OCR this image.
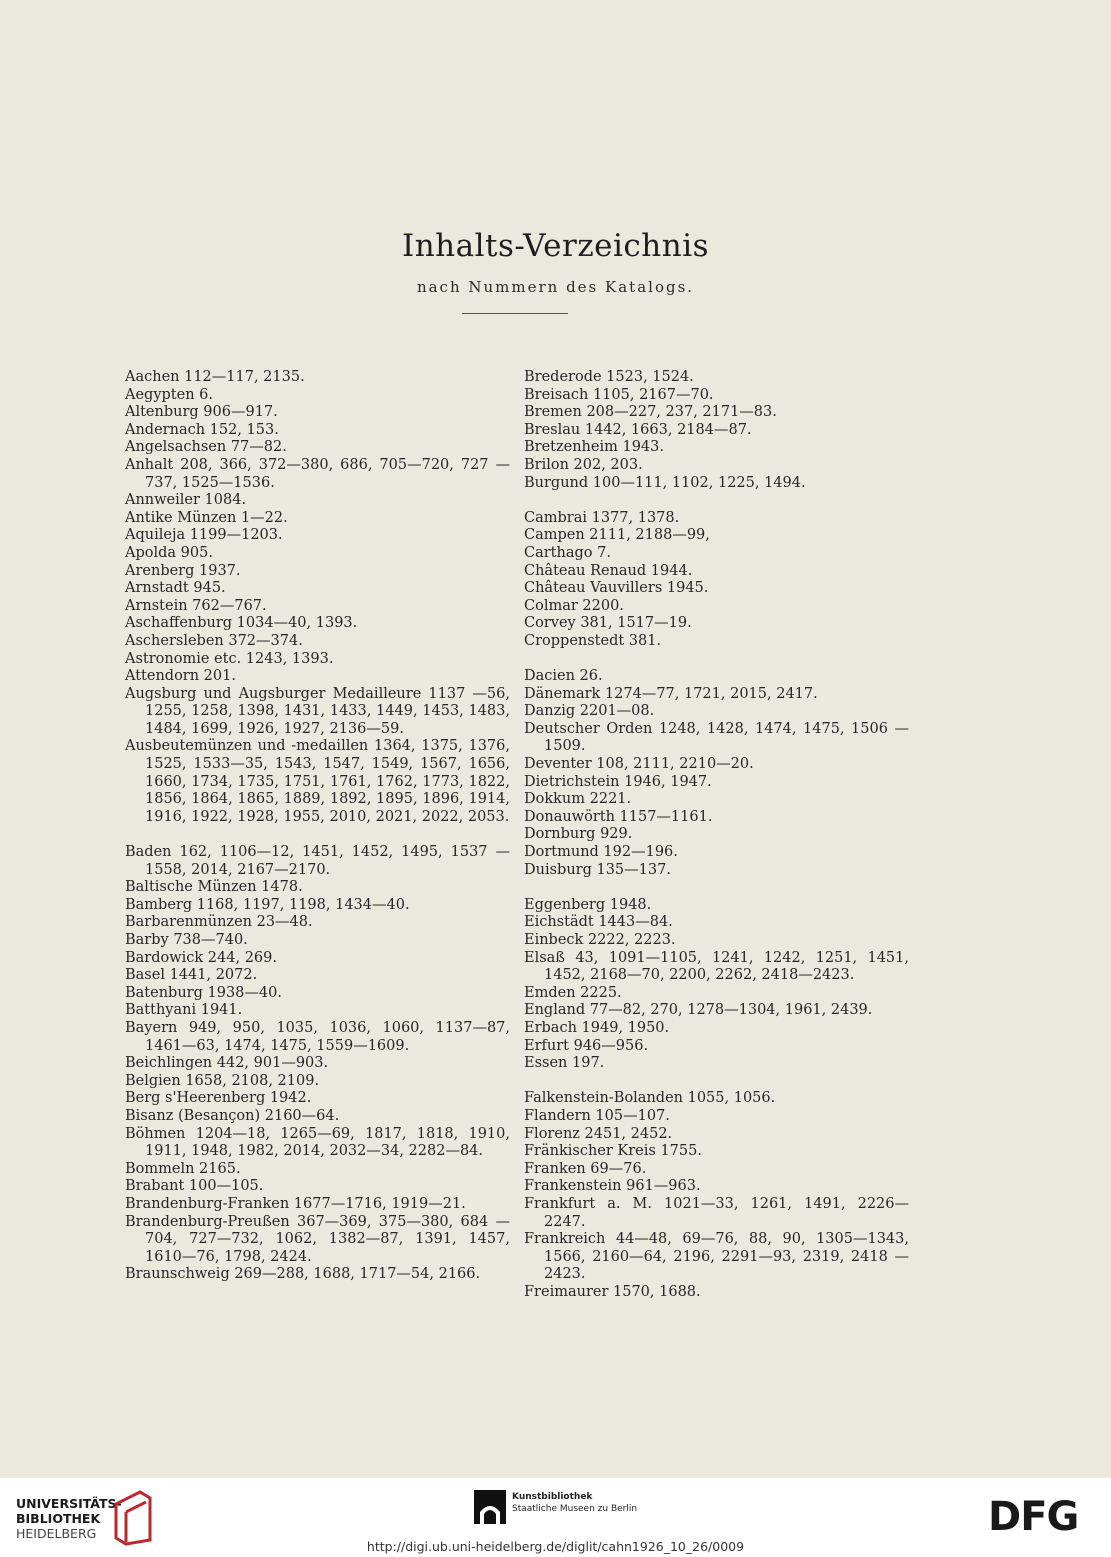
Inhalts-Verzeichnis
nach Nummern des Katalogs.
Aachen 112—117, 2135.
Aegypten 6.
Altenburg 906—917.
Andernach 152, 153.
Angelsachsen 77—82.
Anhalt 208, 366, 372—380, 686, 705—720, 727 —737, 1525—1536.
Annweiler 1084.
Antike Münzen 1—22.
Aquileja 1199—1203.
Apolda 905.
Arenberg 1937.
Arnstadt 945.
Arnstein 762—767.
Aschaffenburg 1034—40, 1393.
Aschersleben 372—374.
Astronomie etc. 1243, 1393.
Attendorn 201.
Augsburg und Augsburger Medailleure 1137 —56, 1255, 1258, 1398, 1431, 1433, 1449, 1453, 1483, 1484, 1699, 1926, 1927, 2136—59.
Ausbeutemünzen und -medaillen 1364, 1375, 1376, 1525, 1533—35, 1543, 1547, 1549, 1567, 1656, 1660, 1734, 1735, 1751, 1761, 1762, 1773, 1822, 1856, 1864, 1865, 1889, 1892, 1895, 1896, 1914, 1916, 1922, 1928, 1955, 2010, 2021, 2022, 2053.
Baden 162, 1106—12, 1451, 1452, 1495, 1537 —1558, 2014, 2167—2170.
Baltische Münzen 1478.
Bamberg 1168, 1197, 1198, 1434—40.
Barbarenmünzen 23—48.
Barby 738—740.
Bardowick 244, 269.
Basel 1441, 2072.
Batenburg 1938—40.
Batthyani 1941.
Bayern 949, 950, 1035, 1036, 1060, 1137—87, 1461—63, 1474, 1475, 1559—1609.
Beichlingen 442, 901—903.
Belgien 1658, 2108, 2109.
Berg s'Heerenberg 1942.
Bisanz (Besançon) 2160—64.
Böhmen 1204—18, 1265—69, 1817, 1818, 1910, 1911, 1948, 1982, 2014, 2032—34, 2282—84.
Bommeln 2165.
Brabant 100—105.
Brandenburg-Franken 1677—1716, 1919—21.
Brandenburg-Preußen 367—369, 375—380, 684 —704, 727—732, 1062, 1382—87, 1391, 1457, 1610—76, 1798, 2424.
Braunschweig 269—288, 1688, 1717—54, 2166.
Brederode 1523, 1524.
Breisach 1105, 2167—70.
Bremen 208—227, 237, 2171—83.
Breslau 1442, 1663, 2184—87.
Bretzenheim 1943.
Brilon 202, 203.
Burgund 100—111, 1102, 1225, 1494.
Cambrai 1377, 1378.
Campen 2111, 2188—99,
Carthago 7.
Château Renaud 1944.
Château Vauvillers 1945.
Colmar 2200.
Corvey 381, 1517—19.
Croppenstedt 381.
Dacien 26.
Dänemark 1274—77, 1721, 2015, 2417.
Danzig 2201—08.
Deutscher Orden 1248, 1428, 1474, 1475, 1506 —1509.
Deventer 108, 2111, 2210—20.
Dietrichstein 1946, 1947.
Dokkum 2221.
Donauwörth 1157—1161.
Dornburg 929.
Dortmund 192—196.
Duisburg 135—137.
Eggenberg 1948.
Eichstädt 1443—84.
Einbeck 2222, 2223.
Elsaß 43, 1091—1105, 1241, 1242, 1251, 1451, 1452, 2168—70, 2200, 2262, 2418—2423.
Emden 2225.
England 77—82, 270, 1278—1304, 1961, 2439.
Erbach 1949, 1950.
Erfurt 946—956.
Essen 197.
Falkenstein-Bolanden 1055, 1056.
Flandern 105—107.
Florenz 2451, 2452.
Fränkischer Kreis 1755.
Franken 69—76.
Frankenstein 961—963.
Frankfurt a. M. 1021—33, 1261, 1491, 2226— 2247.
Frankreich 44—48, 69—76, 88, 90, 1305—1343, 1566, 2160—64, 2196, 2291—93, 2319, 2418 —2423.
Freimaurer 1570, 1688.
UNIVERSITÄTS-
BIBLIOTHEK
HEIDELBERG
Kunstbibliothek
Staatliche Museen zu Berlin	DFG
http://digi.ub.uni-heidelberg.de/diglit/cahn1926_10_26/0009
